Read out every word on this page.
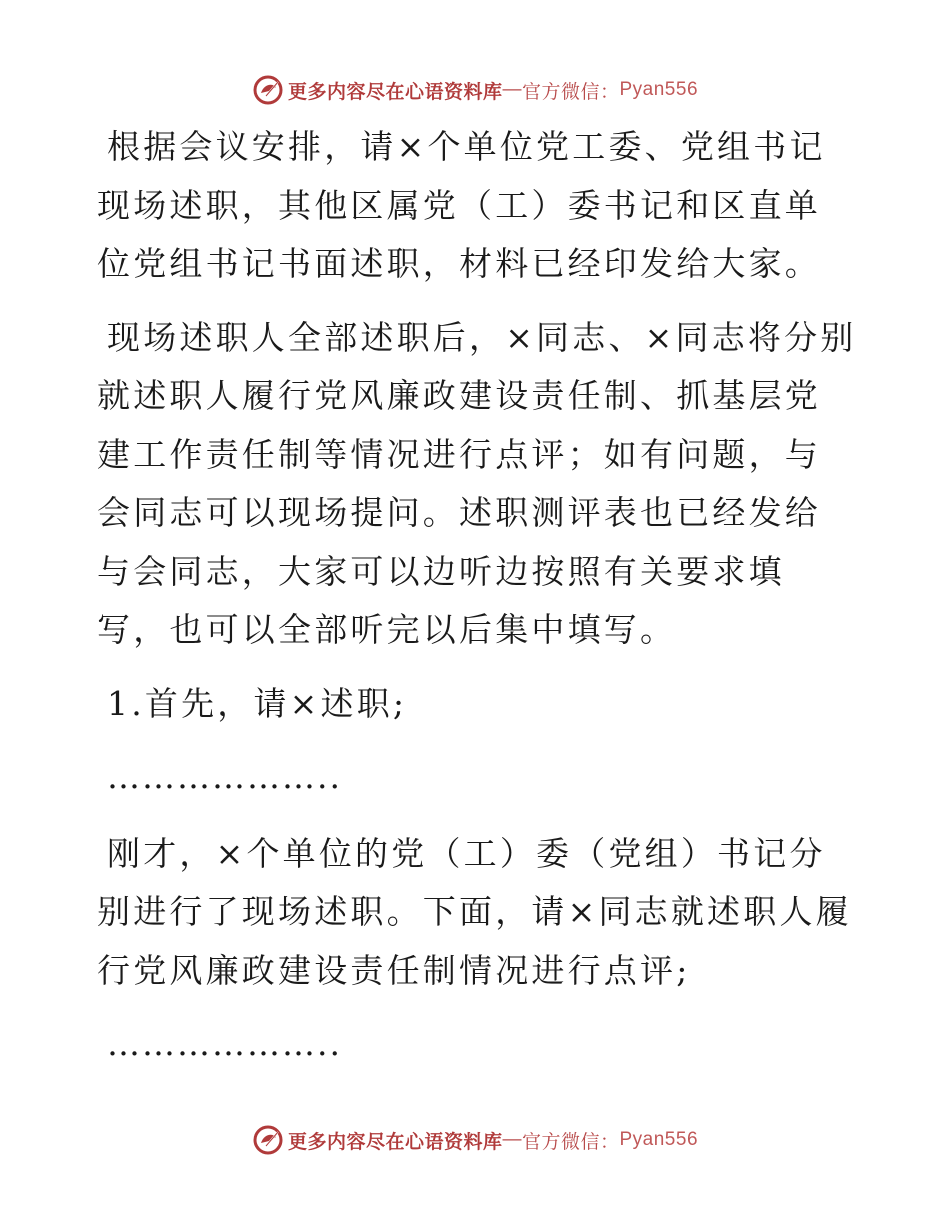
更多内容尽在心语资料库 — 官方微信： Pyan556

根据会议安排，请×个单位党工委、党组书记现场述职，其他区属党（工）委书记和区直单位党组书记书面述职，材料已经印发给大家。

现场述职人全部述职后，×同志、×同志将分别就述职人履行党风廉政建设责任制、抓基层党建工作责任制等情况进行点评；如有问题，与会同志可以现场提问。述职测评表也已经发给与会同志，大家可以边听边按照有关要求填写，也可以全部听完以后集中填写。

1.首先，请×述职;

………………..

刚才，×个单位的党（工）委（党组）书记分别进行了现场述职。下面，请×同志就述职人履行党风廉政建设责任制情况进行点评;

………………..

更多内容尽在心语资料库 — 官方微信： Pyan556
